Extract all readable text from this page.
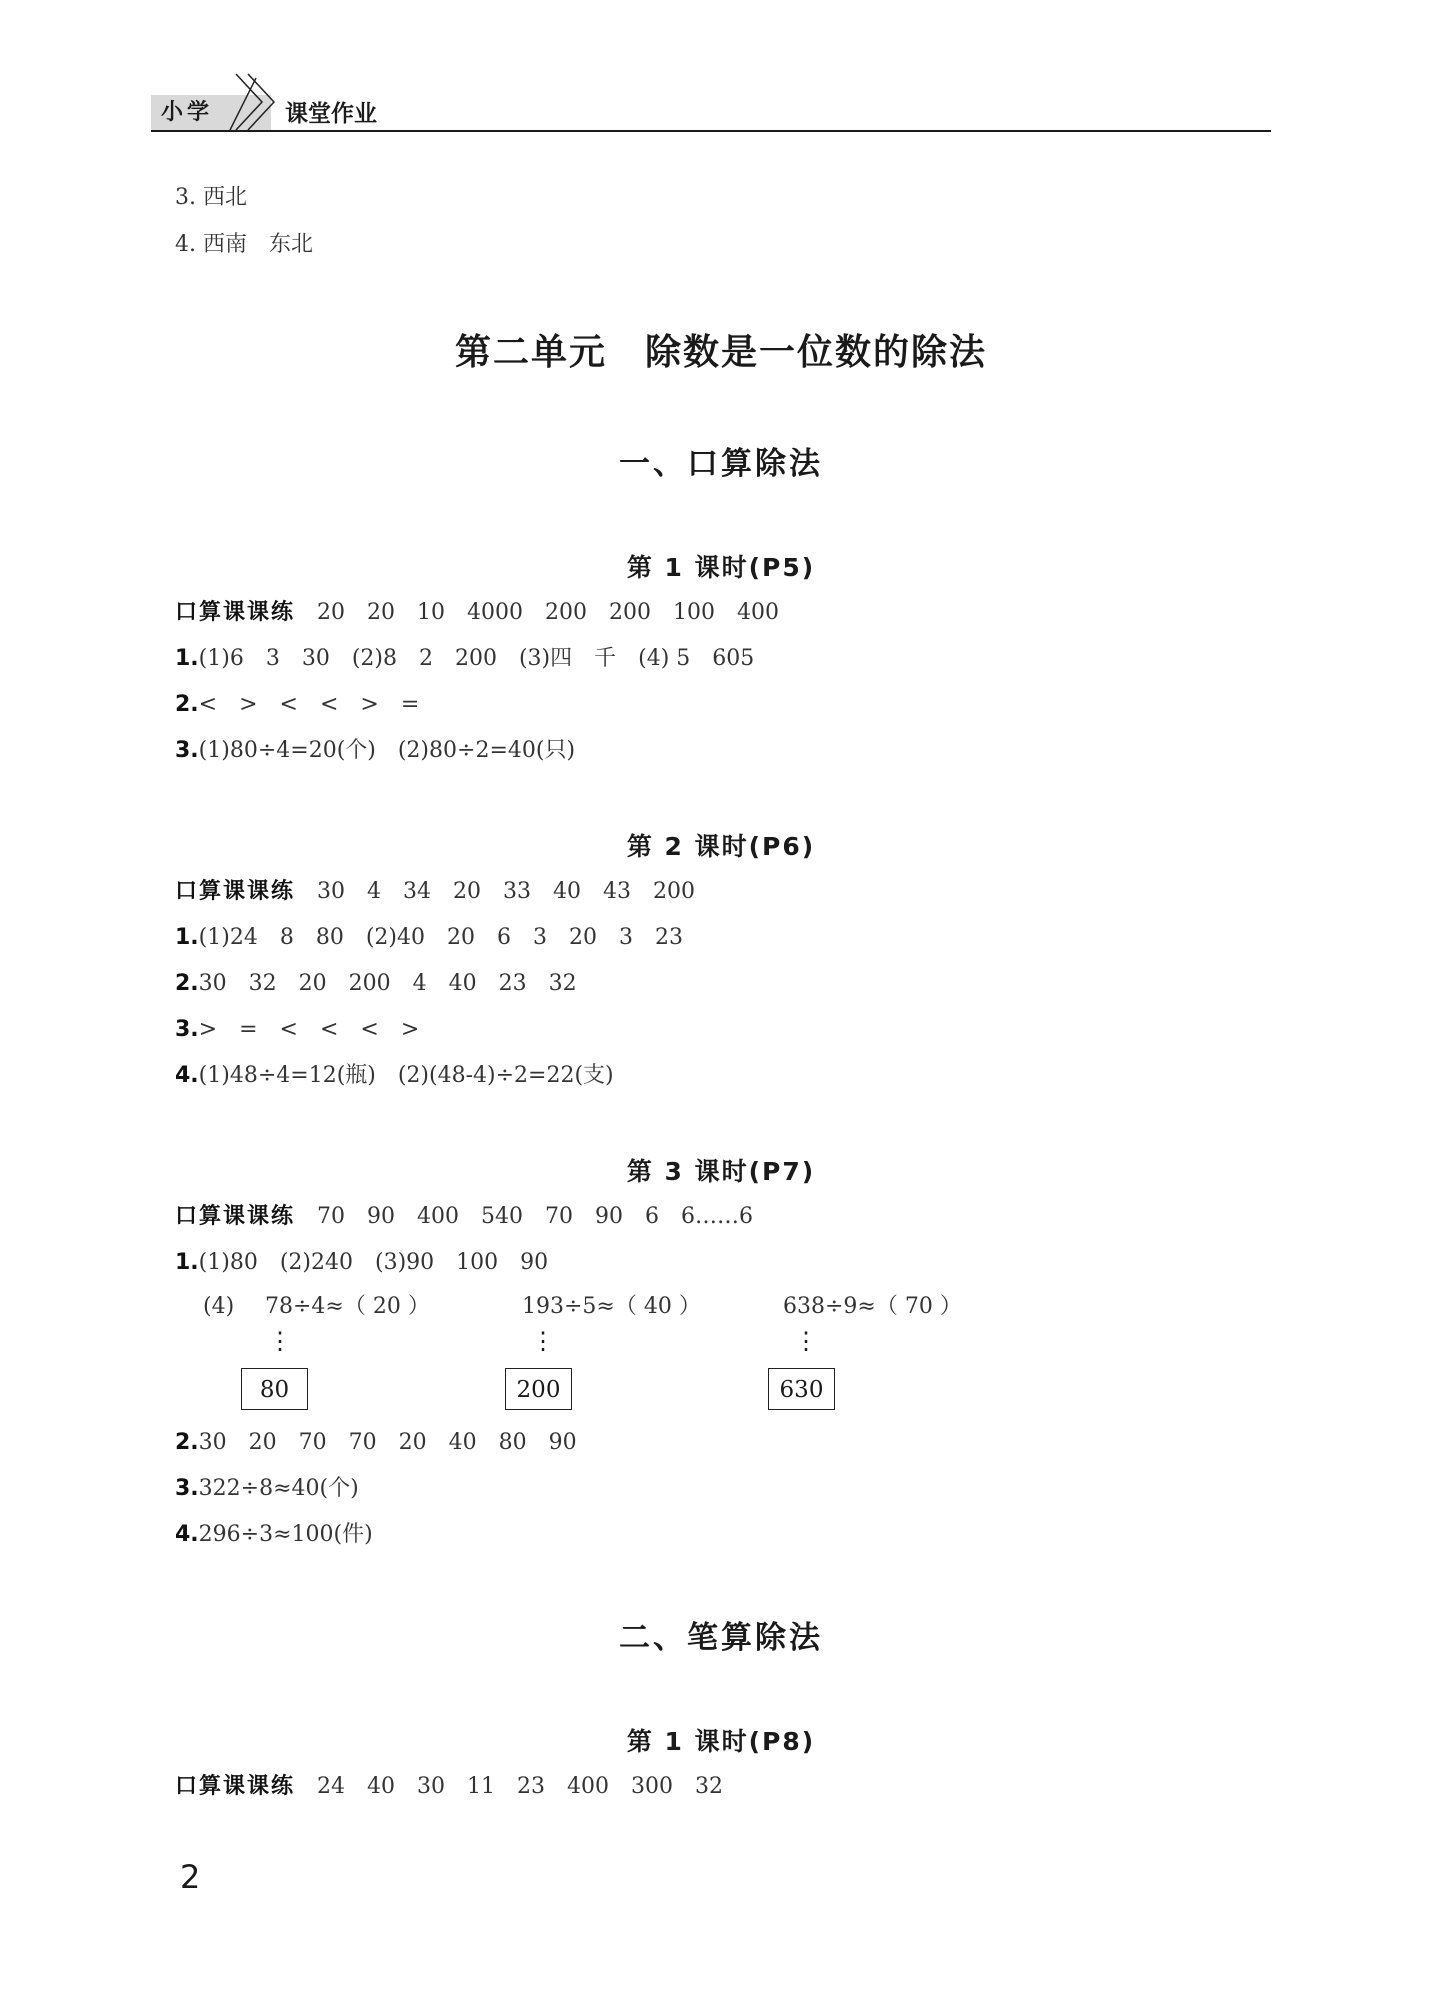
小学	课堂作业
3. 西北
4. 西南　东北
第二单元　除数是一位数的除法
一、口算除法
第 1 课时(P5)
口算课课练　 20　20　10　4000　200　200　100　400
1.(1)6　3　30　(2)8　2　200　(3)四　千　(4) 5　605
2.<　>　<　<　>　=
3.(1)80÷4=20(个)　(2)80÷2=40(只)
第 2 课时(P6)
口算课课练　 30　4　34　20　33　40　43　200
1.(1)24　8　80　(2)40　20　6　3　20　3　23
2.30　32　20　200　4　40　23　32
3.>　=　<　<　<　>
4.(1)48÷4=12(瓶)　(2)(48-4)÷2=22(支)
第 3 课时(P7)
口算课课练　 70　90　400　540　70　90　6　6……6
1.(1)80　(2)240　(3)90　100　90
(4) 78÷4≈（ 20 ）	193÷5≈（ 40 ）	638÷9≈（ 70 ）
⋮	⋮	⋮
80	200	630
2.30　20　70　70　20　40　80　90
3.322÷8≈40(个)
4.296÷3≈100(件)
二、笔算除法
第 1 课时(P8)
口算课课练　 24　40　30　11　23　400　300　32
2
